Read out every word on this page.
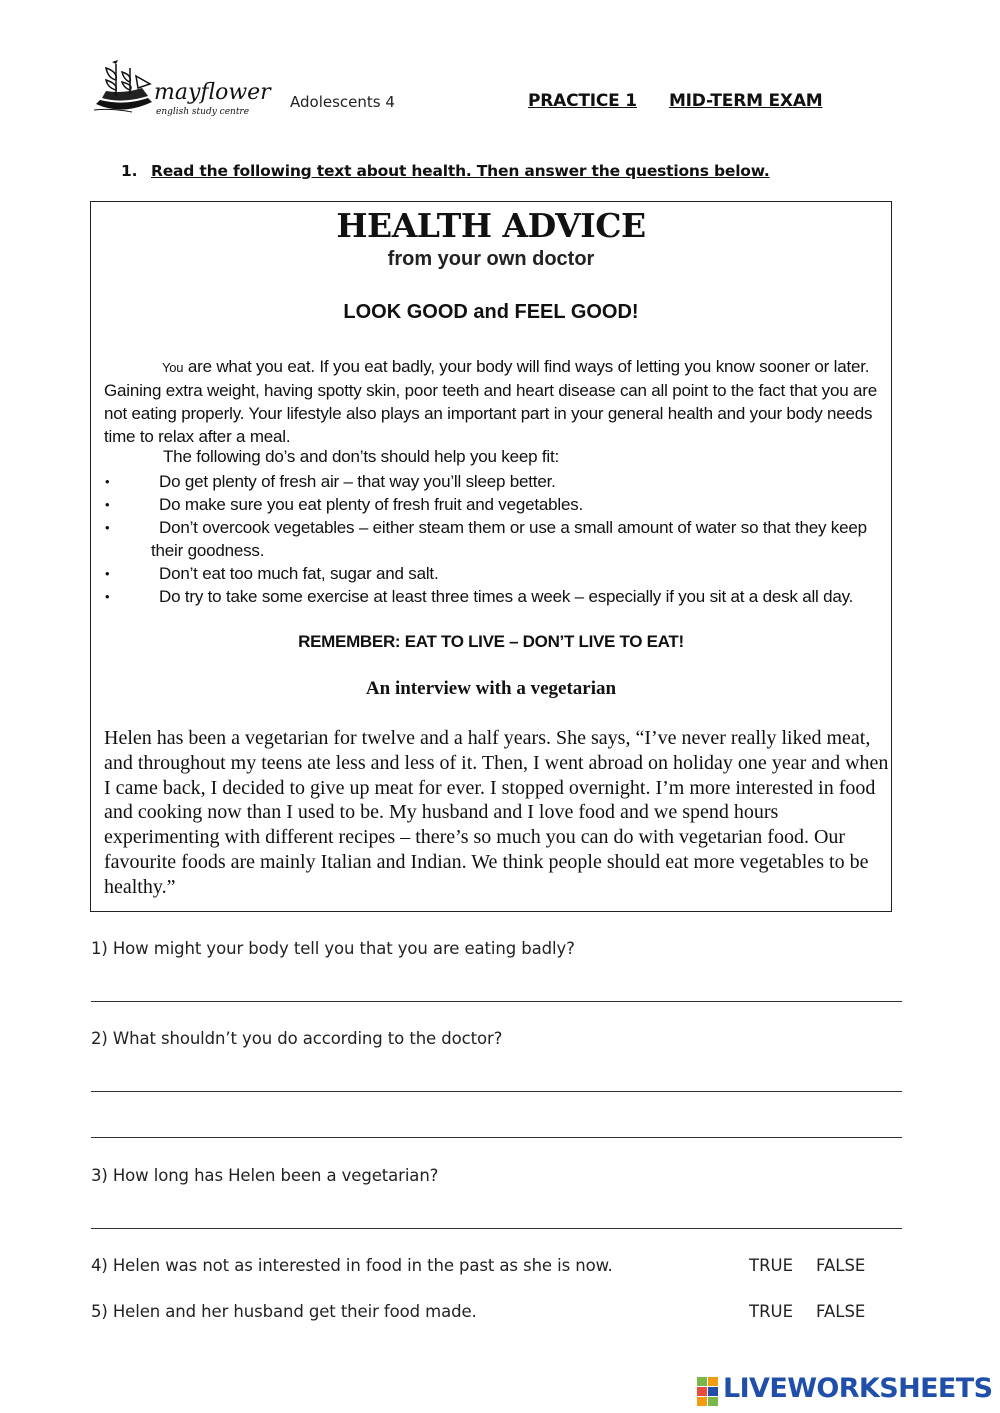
mayflower
english study centre
Adolescents 4	PRACTICE 1 MID-TERM EXAM
1. Read the following text about health. Then answer the questions below.
HEALTH ADVICE
from your own doctor
LOOK GOOD and FEEL GOOD!
You are what you eat. If you eat badly, your body will find ways of letting you know sooner or later. Gaining extra weight, having spotty skin, poor teeth and heart disease can all point to the fact that you are not eating properly. Your lifestyle also plays an important part in your general health and your body needs time to relax after a meal.
The following do’s and don’ts should help you keep fit:
•	Do get plenty of fresh air – that way you’ll sleep better.
•	Do make sure you eat plenty of fresh fruit and vegetables.
•	Don’t overcook vegetables – either steam them or use a small amount of water so that they keep their goodness.
•	Don’t eat too much fat, sugar and salt.
•	Do try to take some exercise at least three times a week – especially if you sit at a desk all day.
REMEMBER: EAT TO LIVE – DON’T LIVE TO EAT!
An interview with a vegetarian
Helen has been a vegetarian for twelve and a half years. She says, “I’ve never really liked meat, and throughout my teens ate less and less of it. Then, I went abroad on holiday one year and when I came back, I decided to give up meat for ever. I stopped overnight. I’m more interested in food and cooking now than I used to be. My husband and I love food and we spend hours experimenting with different recipes – there’s so much you can do with vegetarian food. Our favourite foods are mainly Italian and Indian. We think people should eat more vegetables to be healthy.”
1) How might your body tell you that you are eating badly?
2) What shouldn’t you do according to the doctor?
3) How long has Helen been a vegetarian?
4) Helen was not as interested in food in the past as she is now.	TRUE FALSE
5) Helen and her husband get their food made.	TRUE FALSE
LIVEWORKSHEETS
